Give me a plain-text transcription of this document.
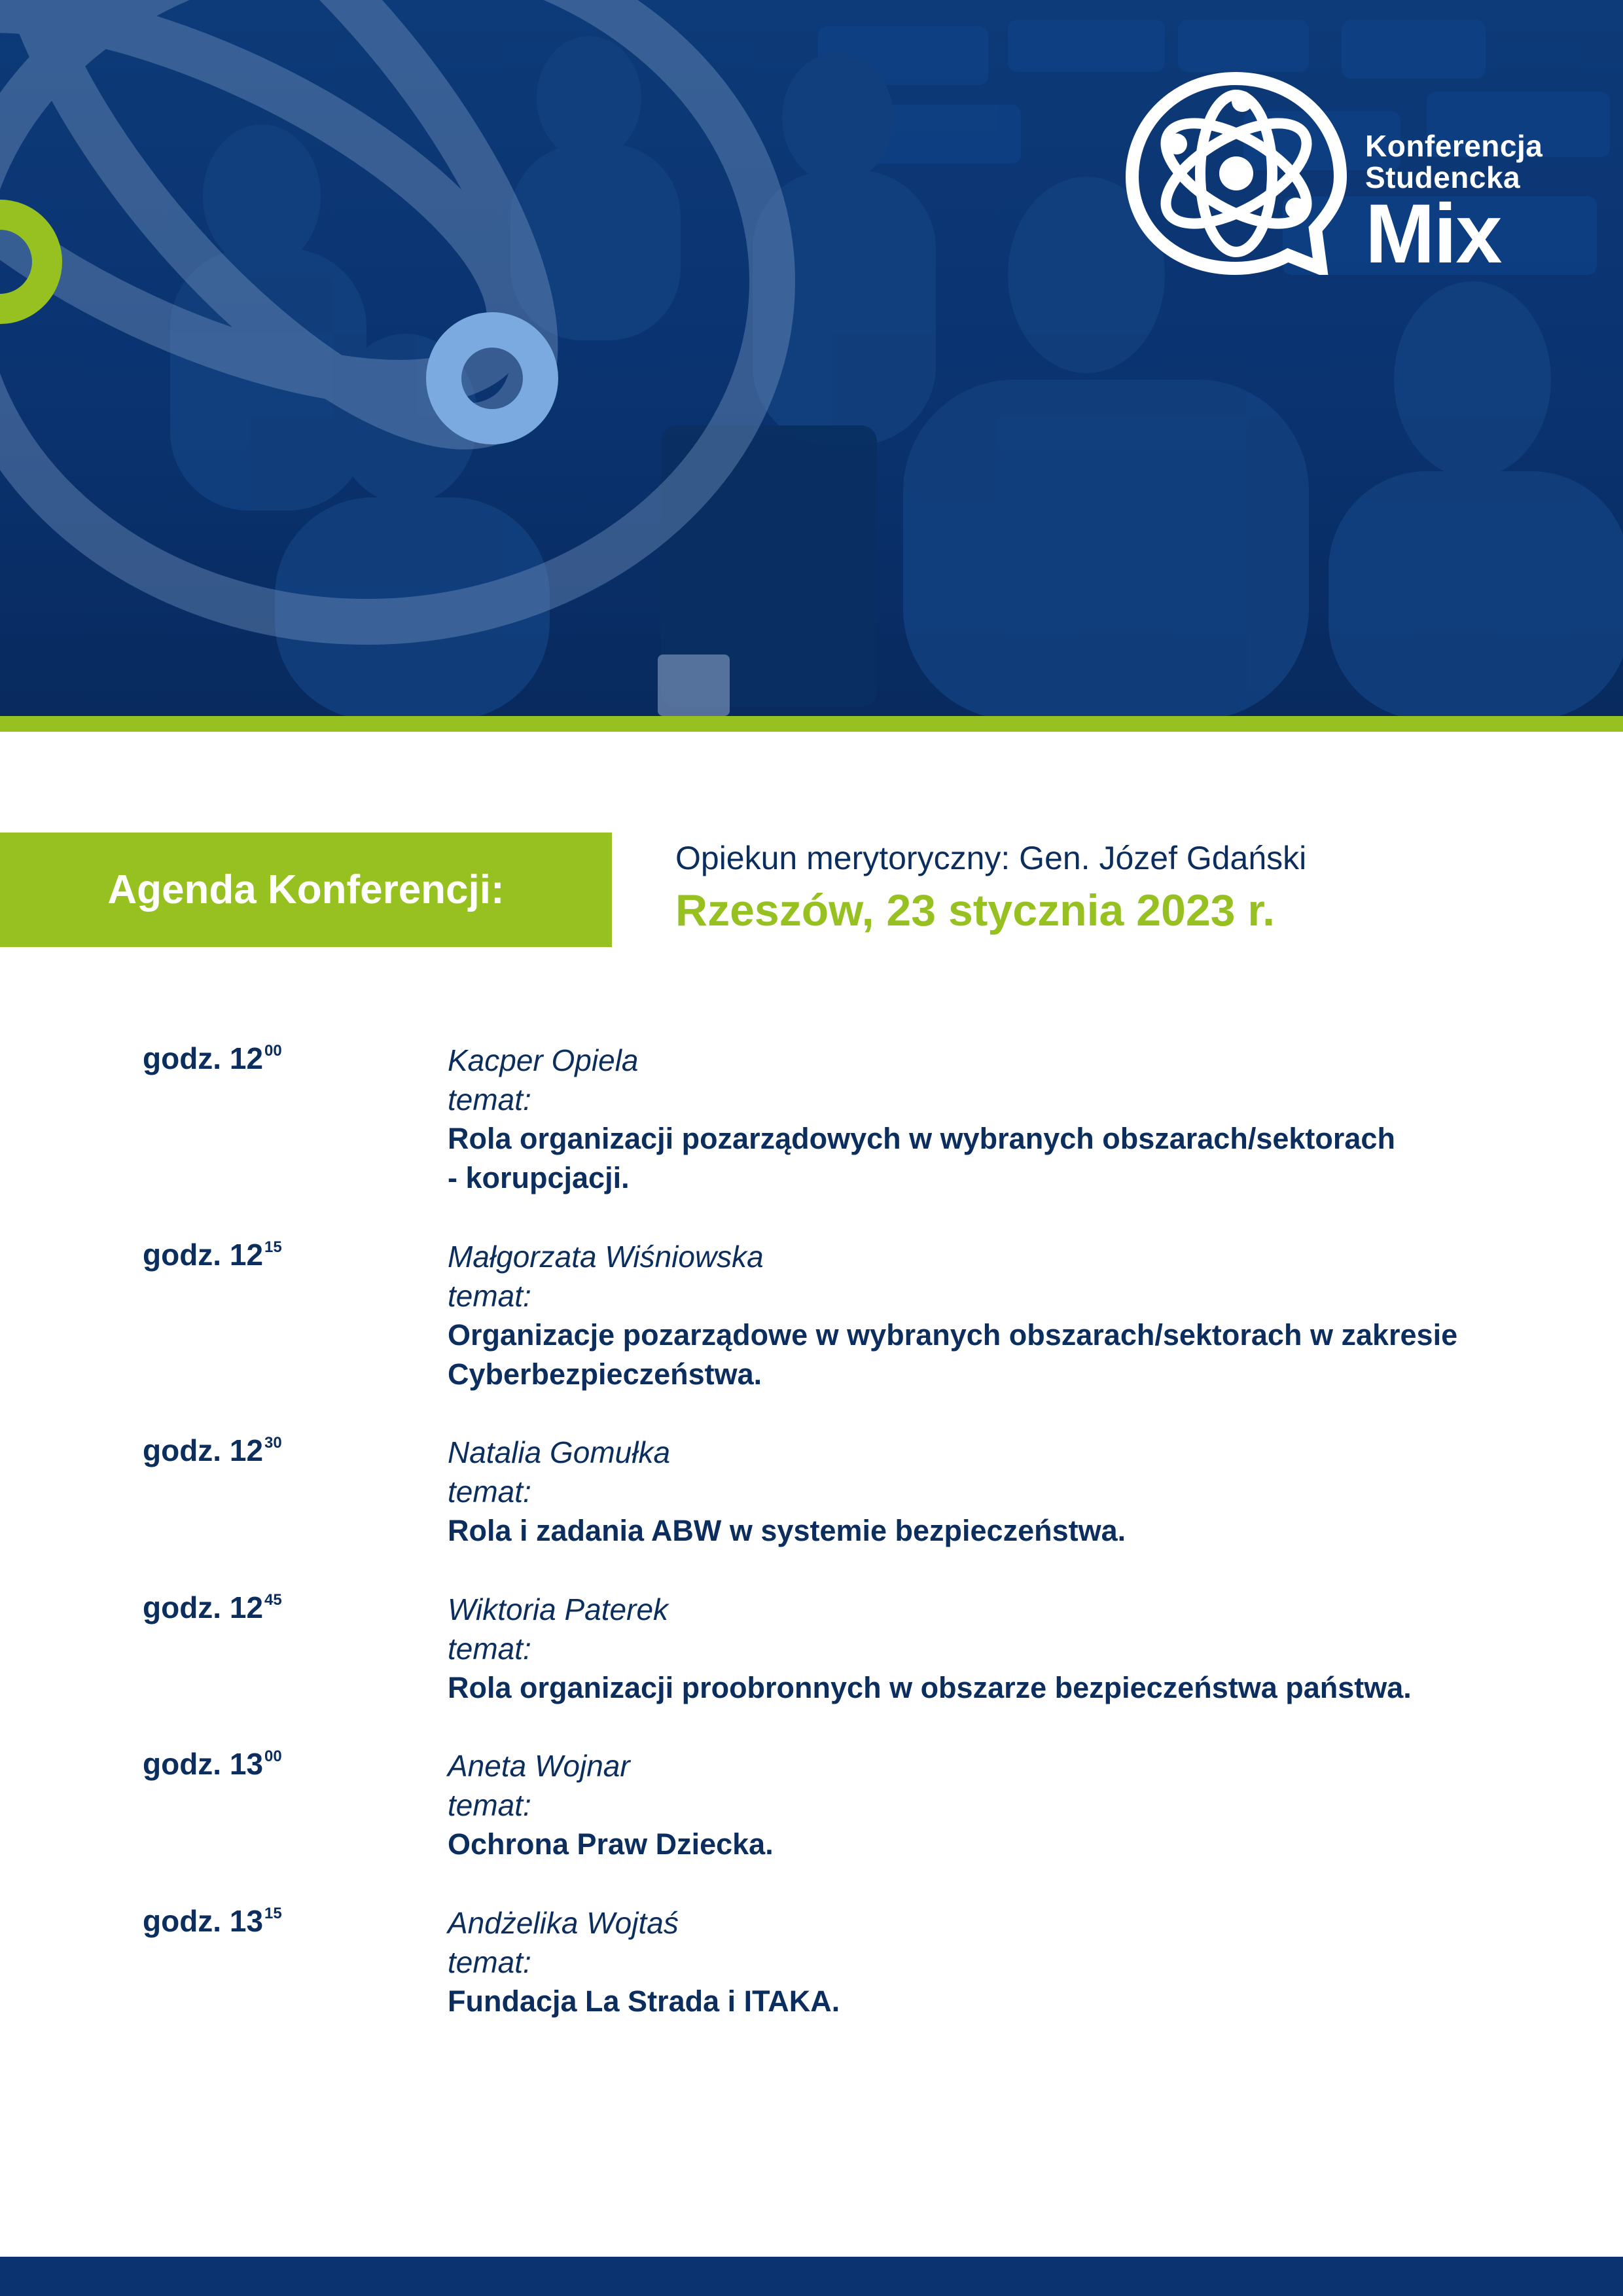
Konferencja
Studencka
Mix
Agenda Konferencji:
Opiekun merytoryczny: Gen. Józef Gdański
Rzeszów, 23 stycznia 2023 r.
godz. $12^{00}$	Kacper Opiela
temat:
Rola organizacji pozarządowych w wybranych obszarach/sektorach
- korupcjacji.
godz. $12^{15}$	Małgorzata Wiśniowska
temat:
Organizacje pozarządowe w wybranych obszarach/sektorach w zakresie
Cyberbezpieczeństwa.
godz. $12^{30}$	Natalia Gomułka
temat:
Rola i zadania ABW w systemie bezpieczeństwa.
godz. $12^{45}$	Wiktoria Paterek
temat:
Rola organizacji proobronnych w obszarze bezpieczeństwa państwa.
godz. $13^{00}$	Aneta Wojnar
temat:
Ochrona Praw Dziecka.
godz. $13^{15}$	Andżelika Wojtaś
temat:
Fundacja La Strada i ITAKA.
